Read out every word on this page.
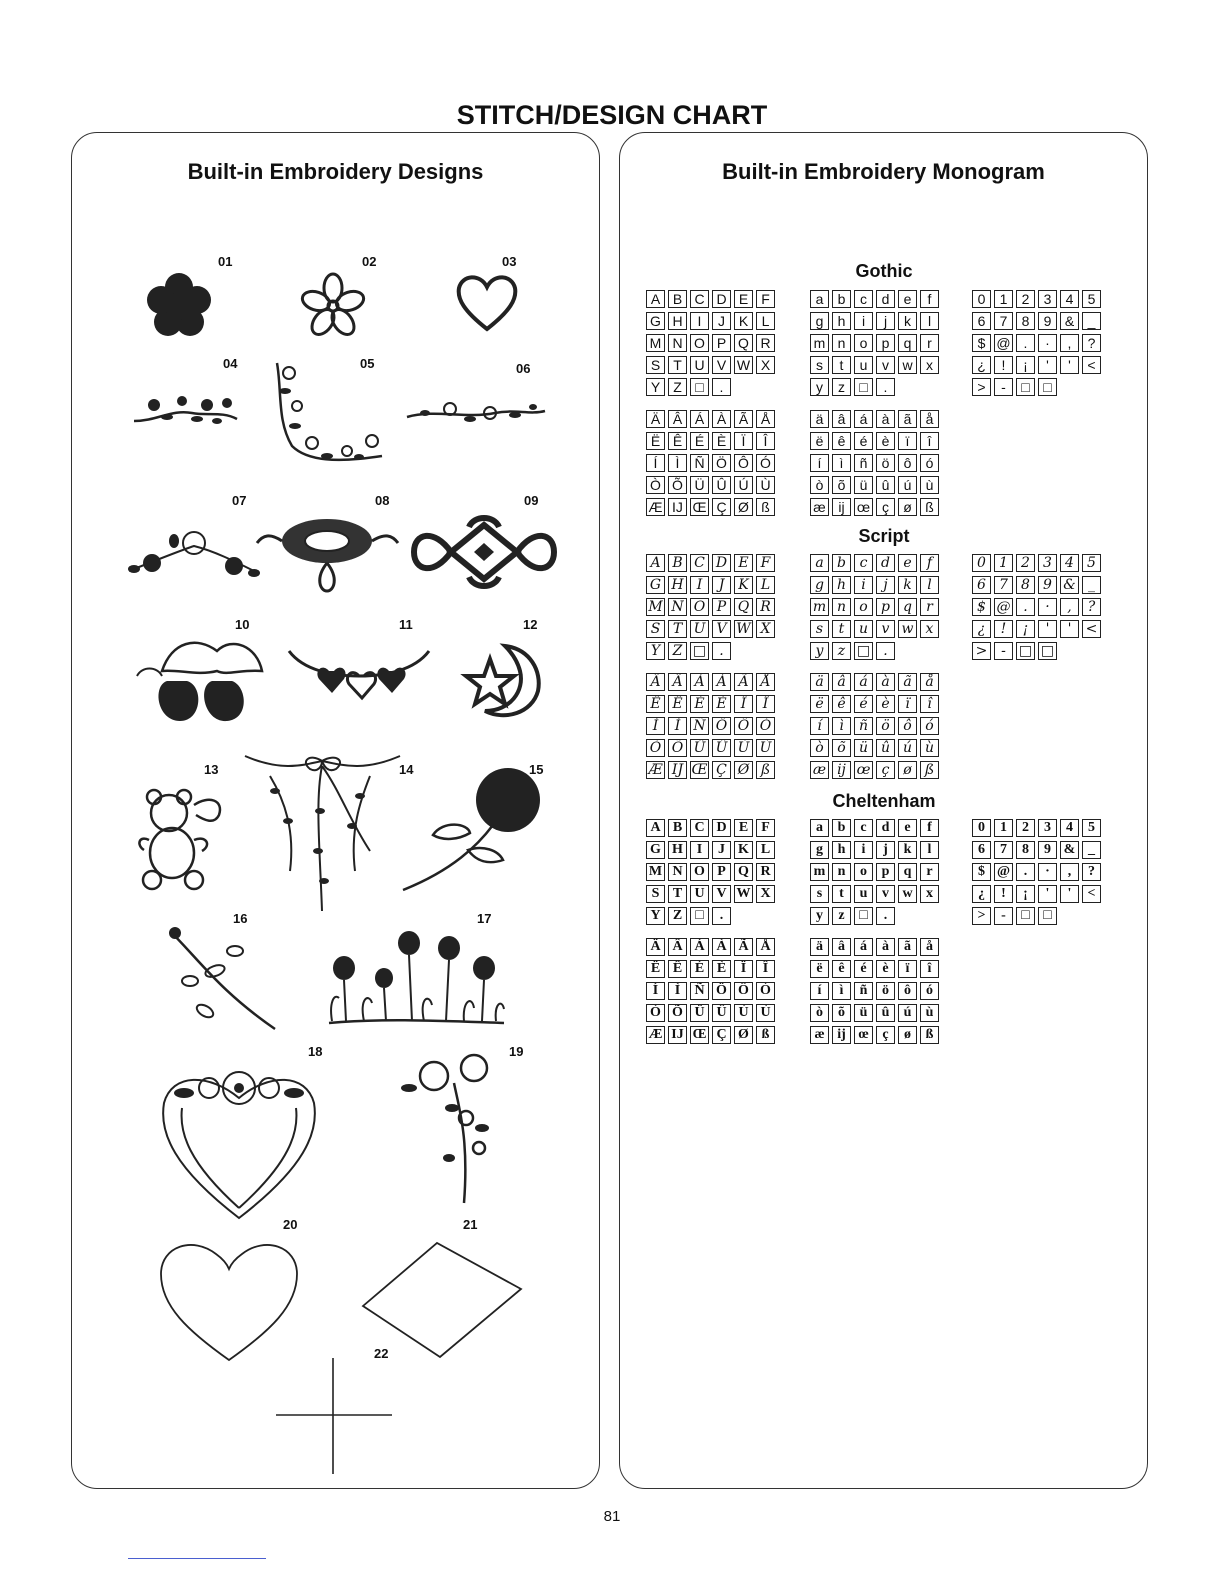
STITCH/DESIGN CHART
Built-in Embroidery Designs
01	02	03
04	05	06
07	08	09
10	11	12
13	14	15
16	17
18	19
20	21
22
Built-in Embroidery Monogram
Gothic
A B C D E F
G H	I	J K L
M N O P Q R
S T U V W X
Y Z □	.
a	b	c	d	e	f
g	h	i	j	k	l
m n	o	p	q	r
s	t	u	v w x
y	z	□	.
0	1	2	3	4	5
6	7	8	9 & _
$ @ .	·	,	?
¿	!	¡	'	'	<
>	-	□ □
Ä Â Á À Ã Å
Ë Ê É È	Ï	Î
Í	Ì	Ñ Ö Ô Ó
Ò Õ Ü Û Ú Ù
Æ IJ Œ Ç Ø ß
ä	â	á	à	ã	å
ë	ê	é	è	ï	î
í	ì	ñ	ö	ô	ó
ò	õ	ü	û	ú	ù
æ ij œ ç	ø ß
Script
A B C D E F
G H I	J K L
M N O P Q R
S T U V W X
Y Z □ .
a b c d e	f
g h	i	j	k	l
m n o p q	r
s	t	u v w x
y	z □ .
0 1 2 3 4 5
6 7 8 9 & _
$ @ .	·	,	?
¿	!	¡	'	'	<
> - □ □
Ä Â Á À Ã Å
Ë Ê É È	Ï	Î
Í	Ì Ñ Ö Ô Ó
Ò Õ Ü Û Ú Ù
Æ IJ Œ Ç Ø ß
ä â á à ã å
ë ê é è	ï	î
í	ì	ñ ö ô ó
ò õ ü û ú ù
æ ij œ ç ø ß
Cheltenham
A B C D E F
G H I	J K L
M N O P Q R
S T U V W X
Y Z □	.
a	b	c	d	e	f
g	h	i	j	k	l
m n	o	p	q	r
s	t	u	v w x
y	z	□	.
0	1	2	3	4	5
6	7	8	9 & _
$ @ .	·	,	?
¿	!	¡	'	'	<
>	-	□ □
Ä Â Á À Ã Å
Ë Ê É È	Ï	Î
Í	Ì	Ñ Ö Ô Ó
Ò Õ Ü Û Ú Ù
Æ IJ Œ Ç Ø ß
ä	â	á	à	ã	å
ë	ê	é	è	ï	î
í	ì	ñ	ö	ô	ó
ò	õ	ü	û	ú	ù
æ ij œ ç	ø	ß
81
